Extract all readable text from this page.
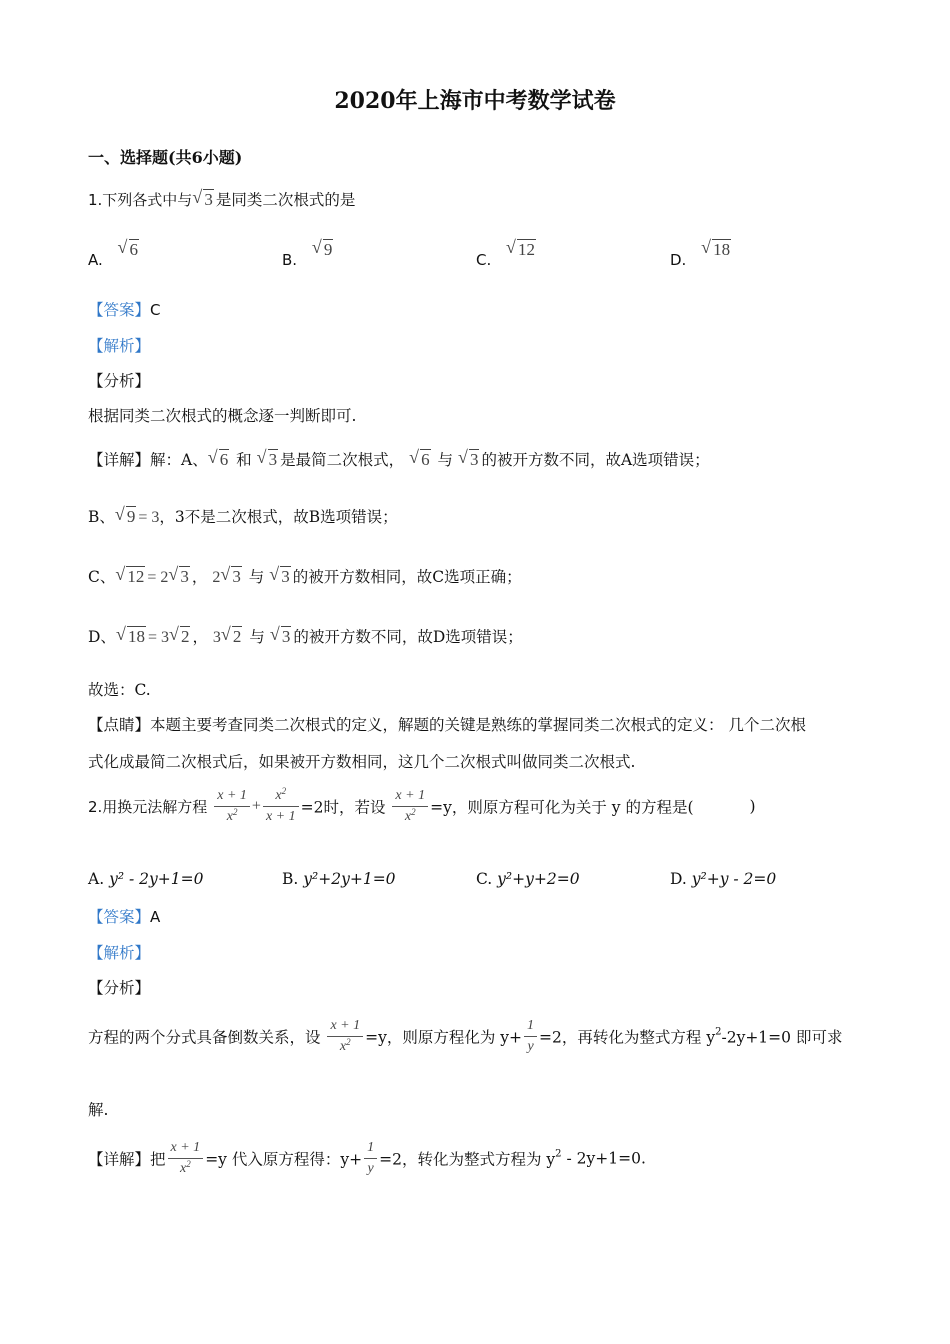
2020年上海市中考数学试卷
一、选择题(共6小题)
1.下列各式中与 √ 3 是同类二次根式的是
A. √ 6
B. √ 9
C. √ 12
D. √ 18
【答案】C
【解析】
【分析】
根据同类二次根式的概念逐一判断即可.
【详解】解：A、 √ 6 和 √ 3 是最简二次根式， √ 6 与 √ 3 的被开方数不同，故A选项错误；
B、 √ 9 = 3，3不是二次根式，故B选项错误；
C、 √ 12 = 2 √ 3 ， 2 √ 3 与 √ 3 的被开方数相同，故C选项正确；
D、 √ 18 = 3 √ 2 ， 3 √ 2 与 √ 3 的被开方数不同，故D选项错误；
故选：C.
【点睛】本题主要考查同类二次根式的定义，解题的关键是熟练的掌握同类二次根式的定义： 几个二次根
式化成最简二次根式后，如果被开方数相同，这几个二次根式叫做同类二次根式.
2.用换元法解方程 $\frac{x + 1}{x^2} + \frac{x^2}{x + 1} =2$时，若设 $\frac{x + 1}{x^2} =y$，则原方程可化为关于 y 的方程是(	)
A. y² - 2y+1=0	B. y²+2y+1=0	C. y²+y+2=0	D. y²+y - 2=0
【答案】A
【解析】
【分析】
方程的两个分式具备倒数关系，设 $\frac{x + 1}{x^2} =y$，则原方程化为 $y+ \frac{1}{y} =2$，再转化为整式方程 $y^2-2y+1=0$ 即可求
解.
【详解】把 $\frac{x + 1}{x^2} =y$ 代入原方程得：$y+ \frac{1}{y} =2$，转化为整式方程为 $y^2 - 2y+1=0$.
